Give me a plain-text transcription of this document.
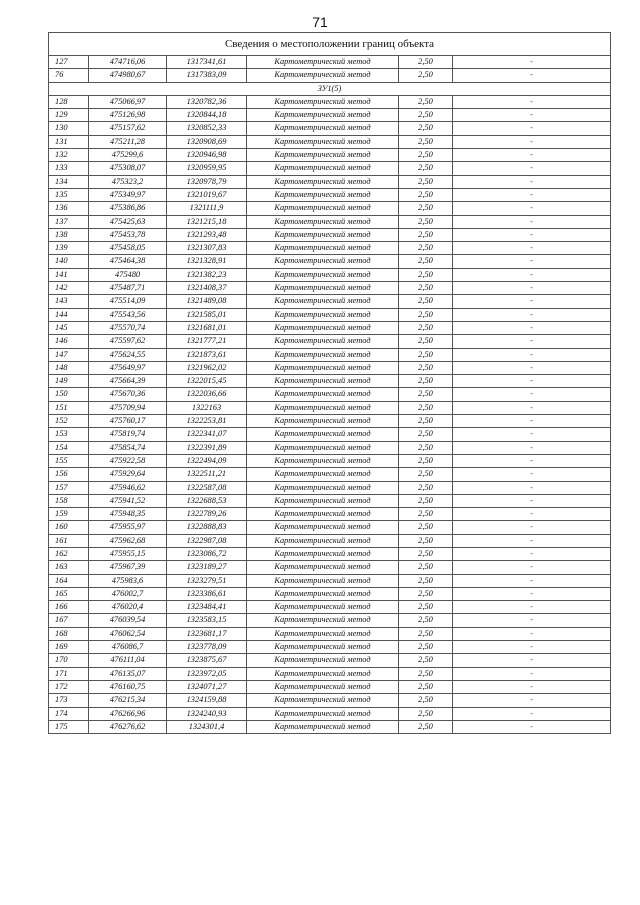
71
Сведения о местоположении границ объекта					
127	474716,06	1317341,61	Картометрический метод	2,50	-
76	474980,67	1317383,09	Картометрический метод	2,50	-
ЗУ1(5)					
128	475066,97	1320782,36	Картометрический метод	2,50	-
129	475126,98	1320844,18	Картометрический метод	2,50	-
130	475157,62	1320852,33	Картометрический метод	2,50	-
131	475211,28	1320908,69	Картометрический метод	2,50	-
132	475299,6	1320946,98	Картометрический метод	2,50	-
133	475308,07	1320959,95	Картометрический метод	2,50	-
134	475323,2	1320978,79	Картометрический метод	2,50	-
135	475349,97	1321019,67	Картометрический метод	2,50	-
136	475386,86	1321111,9	Картометрический метод	2,50	-
137	475425,63	1321215,18	Картометрический метод	2,50	-
138	475453,78	1321293,48	Картометрический метод	2,50	-
139	475458,05	1321307,83	Картометрический метод	2,50	-
140	475464,38	1321328,91	Картометрический метод	2,50	-
141	475480	1321382,23	Картометрический метод	2,50	-
142	475487,71	1321408,37	Картометрический метод	2,50	-
143	475514,09	1321489,08	Картометрический метод	2,50	-
144	475543,56	1321585,01	Картометрический метод	2,50	-
145	475570,74	1321681,01	Картометрический метод	2,50	-
146	475597,62	1321777,21	Картометрический метод	2,50	-
147	475624,55	1321873,61	Картометрический метод	2,50	-
148	475649,97	1321962,02	Картометрический метод	2,50	-
149	475664,39	1322015,45	Картометрический метод	2,50	-
150	475670,36	1322036,66	Картометрический метод	2,50	-
151	475709,94	1322163	Картометрический метод	2,50	-
152	475760,17	1322253,81	Картометрический метод	2,50	-
153	475819,74	1322341,07	Картометрический метод	2,50	-
154	475854,74	1322391,89	Картометрический метод	2,50	-
155	475922,58	1322494,09	Картометрический метод	2,50	-
156	475929,64	1322511,21	Картометрический метод	2,50	-
157	475946,62	1322587,08	Картометрический метод	2,50	-
158	475941,52	1322688,53	Картометрический метод	2,50	-
159	475948,35	1322789,26	Картометрический метод	2,50	-
160	475955,97	1322888,83	Картометрический метод	2,50	-
161	475962,68	1322987,08	Картометрический метод	2,50	-
162	475955,15	1323086,72	Картометрический метод	2,50	-
163	475967,39	1323189,27	Картометрический метод	2,50	-
164	475983,6	1323279,51	Картометрический метод	2,50	-
165	476002,7	1323386,61	Картометрический метод	2,50	-
166	476020,4	1323484,41	Картометрический метод	2,50	-
167	476039,54	1323583,15	Картометрический метод	2,50	-
168	476062,54	1323681,17	Картометрический метод	2,50	-
169	476086,7	1323778,09	Картометрический метод	2,50	-
170	476111,04	1323875,67	Картометрический метод	2,50	-
171	476135,07	1323972,05	Картометрический метод	2,50	-
172	476160,75	1324071,27	Картометрический метод	2,50	-
173	476215,34	1324159,88	Картометрический метод	2,50	-
174	476266,96	1324240,93	Картометрический метод	2,50	-
175	476276,62	1324301,4	Картометрический метод	2,50	-
